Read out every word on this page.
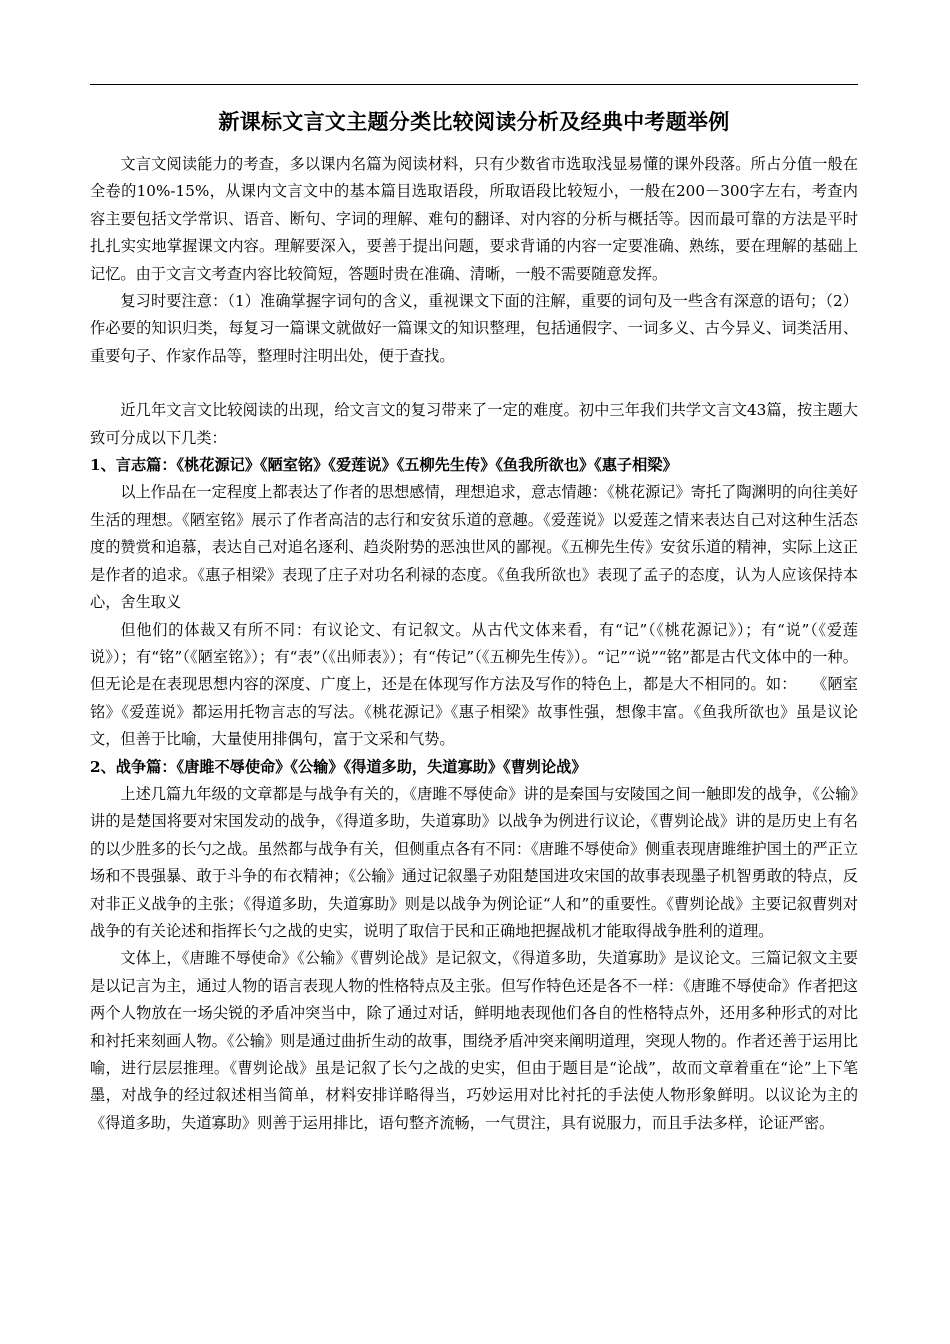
新课标文言文主题分类比较阅读分析及经典中考题举例

文言文阅读能力的考查，多以课内名篇为阅读材料，只有少数省市选取浅显易懂的课外段落。所占分值一般在全卷的10%-15%，从课内文言文中的基本篇目选取语段，所取语段比较短小，一般在200－300字左右，考查内容主要包括文学常识、语音、断句、字词的理解、难句的翻译、对内容的分析与概括等。因而最可靠的方法是平时扎扎实实地掌握课文内容。理解要深入，要善于提出问题，要求背诵的内容一定要准确、熟练，要在理解的基础上记忆。由于文言文考查内容比较简短，答题时贵在准确、清晰，一般不需要随意发挥。

复习时要注意：（1）准确掌握字词句的含义，重视课文下面的注解，重要的词句及一些含有深意的语句；（2）作必要的知识归类，每复习一篇课文就做好一篇课文的知识整理，包括通假字、一词多义、古今异义、词类活用、重要句子、作家作品等，整理时注明出处，便于查找。

近几年文言文比较阅读的出现，给文言文的复习带来了一定的难度。初中三年我们共学文言文43篇，按主题大致可分成以下几类：

1、言志篇：《桃花源记》《陋室铭》《爱莲说》《五柳先生传》《鱼我所欲也》《惠子相梁》

以上作品在一定程度上都表达了作者的思想感情，理想追求，意志情趣：《桃花源记》寄托了陶渊明的向往美好生活的理想。《陋室铭》展示了作者高洁的志行和安贫乐道的意趣。《爱莲说》以爱莲之情来表达自己对这种生活态度的赞赏和追慕，表达自己对追名逐利、趋炎附势的恶浊世风的鄙视。《五柳先生传》安贫乐道的精神，实际上这正是作者的追求。《惠子相梁》表现了庄子对功名利禄的态度。《鱼我所欲也》表现了孟子的态度，认为人应该保持本心，舍生取义

但他们的体裁又有所不同：有议论文、有记叙文。从古代文体来看，有“记”（《桃花源记》）；有“说”（《爱莲说》）；有“铭”（《陋室铭》）；有“表”（《出师表》）；有“传记”（《五柳先生传》）。“记”“说”“铭”都是古代文体中的一种。但无论是在表现思想内容的深度、广度上，还是在体现写作方法及写作的特色上，都是大不相同的。如：　　《陋室铭》《爱莲说》都运用托物言志的写法。《桃花源记》《惠子相梁》故事性强，想像丰富。《鱼我所欲也》虽是议论文，但善于比喻，大量使用排偶句，富于文采和气势。

2、战争篇：《唐雎不辱使命》《公输》《得道多助，失道寡助》《曹刿论战》

上述几篇九年级的文章都是与战争有关的，《唐雎不辱使命》讲的是秦国与安陵国之间一触即发的战争，《公输》讲的是楚国将要对宋国发动的战争，《得道多助，失道寡助》以战争为例进行议论，《曹刿论战》讲的是历史上有名的以少胜多的长勺之战。虽然都与战争有关，但侧重点各有不同：《唐雎不辱使命》侧重表现唐雎维护国土的严正立场和不畏强暴、敢于斗争的布衣精神；《公输》通过记叙墨子劝阻楚国进攻宋国的故事表现墨子机智勇敢的特点，反对非正义战争的主张；《得道多助，失道寡助》则是以战争为例论证“人和”的重要性。《曹刿论战》主要记叙曹刿对战争的有关论述和指挥长勺之战的史实，说明了取信于民和正确地把握战机才能取得战争胜利的道理。

文体上，《唐雎不辱使命》《公输》《曹刿论战》是记叙文，《得道多助，失道寡助》是议论文。三篇记叙文主要是以记言为主，通过人物的语言表现人物的性格特点及主张。但写作特色还是各不一样：《唐雎不辱使命》作者把这两个人物放在一场尖锐的矛盾冲突当中，除了通过对话，鲜明地表现他们各自的性格特点外，还用多种形式的对比和衬托来刻画人物。《公输》则是通过曲折生动的故事，围绕矛盾冲突来阐明道理，突现人物的。作者还善于运用比喻，进行层层推理。《曹刿论战》虽是记叙了长勺之战的史实，但由于题目是“论战”，故而文章着重在“论”上下笔墨，对战争的经过叙述相当简单，材料安排详略得当，巧妙运用对比衬托的手法使人物形象鲜明。以议论为主的《得道多助，失道寡助》则善于运用排比，语句整齐流畅，一气贯注，具有说服力，而且手法多样，论证严密。
